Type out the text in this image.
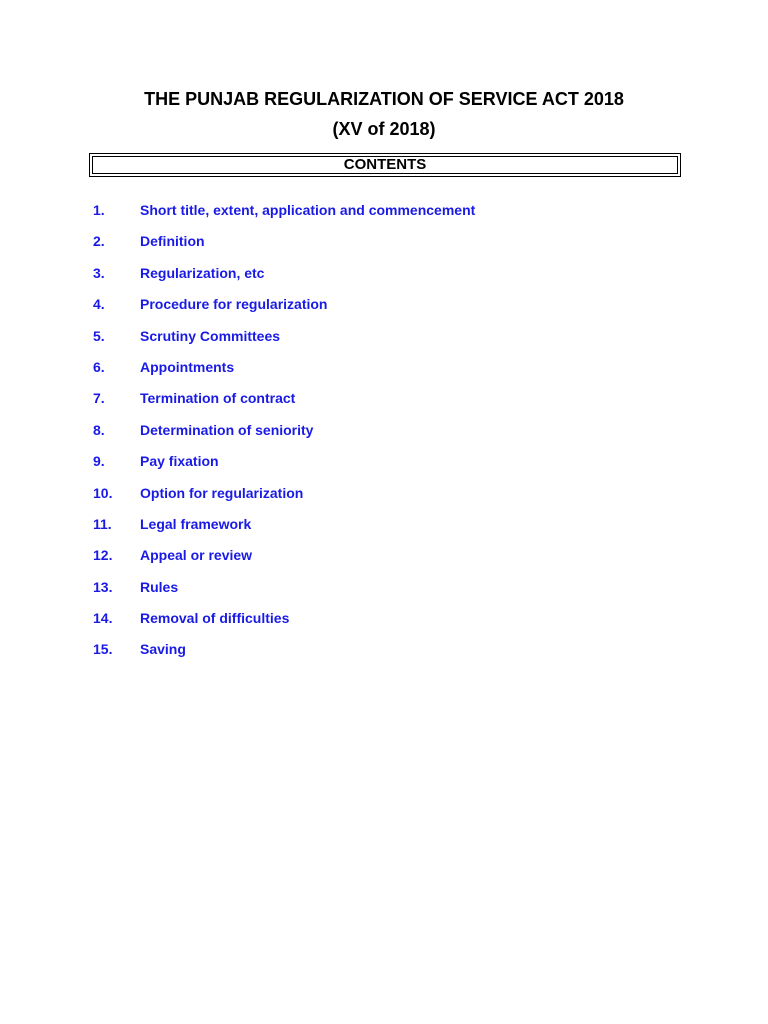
THE PUNJAB REGULARIZATION OF SERVICE ACT 2018
(XV of 2018)
CONTENTS
1.	Short title, extent, application and commencement
2.	Definition
3.	Regularization, etc
4.	Procedure for regularization
5.	Scrutiny Committees
6.	Appointments
7.	Termination of contract
8.	Determination of seniority
9.	Pay fixation
10. Option for regularization
11. Legal framework
12. Appeal or review
13. Rules
14. Removal of difficulties
15. Saving
